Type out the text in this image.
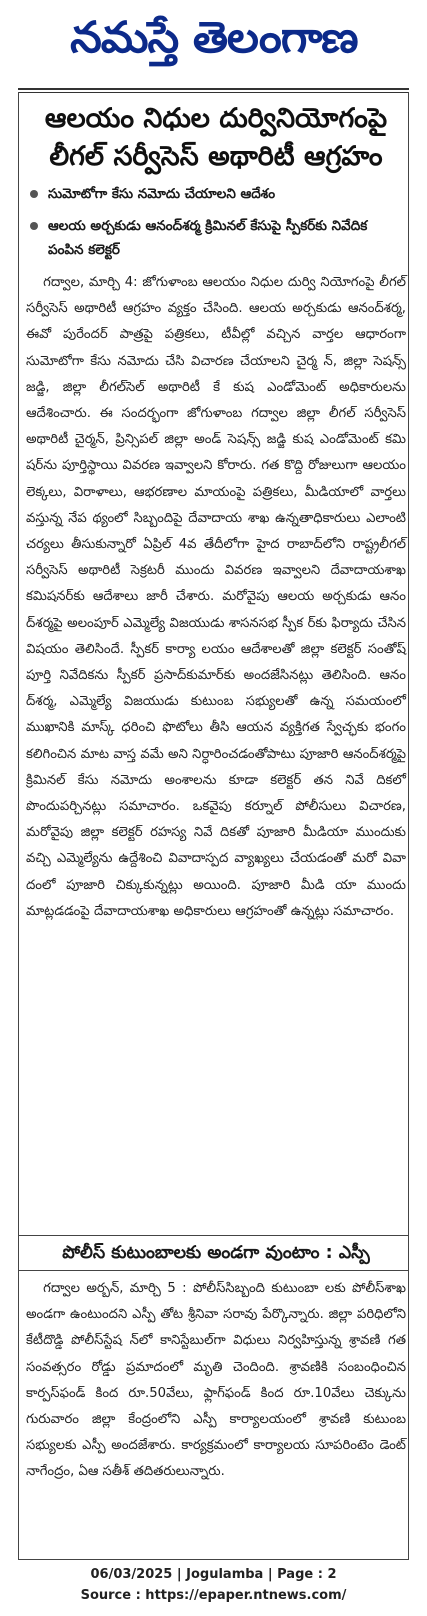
నమస్తే తెలంగాణ
ఆలయం నిధుల దుర్వినియోగంపై
లీగల్ సర్వీసెస్ అథారిటీ ఆగ్రహం
సుమోటోగా కేసు నమోదు చేయాలని ఆదేశం
ఆలయ అర్చకుడు ఆనంద్‌శర్మ క్రిమినల్ కేసుపై స్పీకర్‌కు నివేదిక పంపిన కలెక్టర్
గద్వాల, మార్చి 4: జోగుళాంబ ఆలయం నిధుల దుర్వి నియోగంపై లీగల్ సర్వీసెస్ అథారిటీ ఆగ్రహం వ్యక్తం చేసింది. ఆలయ అర్చకుడు ఆనంద్‌శర్మ, ఈవో పురేందర్ పాత్రపై పత్రికలు, టీవీల్లో వచ్చిన వార్తల ఆధారంగా సుమోటోగా కేసు నమోదు చేసి విచారణ చేయాలని చైర్మ న్, జిల్లా సెషన్స్ జడ్జి, జిల్లా లీగల్‌సెల్ అథారిటీ కే కుష ఎండోమెంట్ అధికారులను ఆదేశించారు. ఈ సందర్భంగా జోగుళాంబ గద్వాల జిల్లా లీగల్ సర్వీసెస్ అథారిటీ చైర్మన్, ప్రిన్సిపల్ జిల్లా అండ్ సెషన్స్ జడ్జి కుష ఎండోమెంట్ కమి షర్‌ను పూర్తిస్థాయి వివరణ ఇవ్వాలని కోరారు. గత కొద్ది రోజులుగా ఆలయం లెక్కలు, విరాళాలు, ఆభరణాల మాయంపై పత్రికలు, మీడియాలో వార్తలు వస్తున్న నేప థ్యంలో సిబ్బందిపై దేవాదాయ శాఖ ఉన్నతాధికారులు ఎలాంటి చర్యలు తీసుకున్నారో ఏప్రిల్ 4వ తేదీలోగా హైద రాబాద్‌లోని రాష్ట్రలీగల్ సర్వీసెస్ అథారిటీ సెక్రటరీ ముందు వివరణ ఇవ్వాలని దేవాదాయశాఖ కమిషనర్‌కు ఆదేశాలు జారీ చేశారు. మరోవైపు ఆలయ అర్చకుడు ఆనం ద్‌శర్మపై అలంపూర్ ఎమ్మెల్యే విజయుడు శాసనసభ స్పీక ర్‌కు ఫిర్యాదు చేసిన విషయం తెలిసిందే. స్పీకర్ కార్యా లయం ఆదేశాలతో జిల్లా కలెక్టర్ సంతోష్ పూర్తి నివేదికను స్పీకర్ ప్రసాద్‌కుమార్‌కు అందజేసినట్లు తెలిసింది. ఆనం ద్‌శర్మ, ఎమ్మెల్యే విజయుడు కుటుంబ సభ్యులతో ఉన్న సమయంలో ముఖానికి మాస్క్ ధరించి ఫొటోలు తీసి ఆయన వ్యక్తిగత స్వేచ్ఛకు భంగం కలిగించిన మాట వాస్త వమే అని నిర్ధారించడంతోపాటు పూజారి ఆనంద్‌శర్మపై క్రిమినల్ కేసు నమోదు అంశాలను కూడా కలెక్టర్ తన నివే దికలో పొందుపర్చినట్లు సమాచారం. ఒకవైపు కర్నూల్ పోలీసులు విచారణ, మరోవైపు జిల్లా కలెక్టర్ రహస్య నివే దికతో పూజారి మీడియా ముందుకు వచ్చి ఎమ్మెల్యేను ఉద్దేశించి వివాదాస్పద వ్యాఖ్యలు చేయడంతో మరో వివా దంలో పూజారి చిక్కుకున్నట్లు అయింది. పూజారి మీడి యా ముందు మాట్లడడంపై దేవాదాయశాఖ అధికారులు ఆగ్రహంతో ఉన్నట్లు సమాచారం.
పోలీస్ కుటుంబాలకు అండగా వుంటాం : ఎస్పీ
గద్వాల అర్బన్, మార్చి 5 : పోలీస్‌సిబ్బంది కుటుంబా లకు పోలీస్‌శాఖ అండగా ఉంటుందని ఎస్పీ తోట శ్రీనివా సరావు పేర్కొన్నారు. జిల్లా పరిధిలోని కేటీదొడ్డి పోలీస్‌స్టేష న్‌లో కానిస్టేబుల్‌గా విధులు నిర్వహిస్తున్న శ్రావణి గత సంవత్సరం రోడ్డు ప్రమాదంలో మృతి చెందింది. శ్రావణికి సంబంధించిన కార్పస్‌ఫండ్ కింద రూ.50వేలు, ఫ్లాగ్‌ఫండ్ కింద రూ.10వేలు చెక్కును గురువారం జిల్లా కేంద్రంలోని ఎస్పీ కార్యాలయంలో శ్రావణి కుటుంబ సభ్యులకు ఎస్పీ అందజేశారు. కార్యక్రమంలో కార్యాలయ సూపరింటెం డెంట్ నాగేంద్రం, ఏఆ సతీశ్ తదితరులున్నారు.
06/03/2025 | Jogulamba | Page : 2
Source : https://epaper.ntnews.com/
